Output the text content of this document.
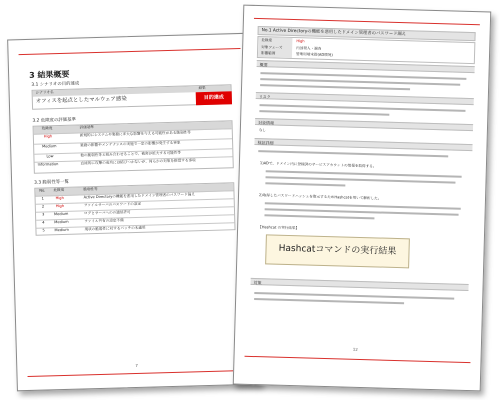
3 結果概要
3.1 シナリオの目的達成
シナリオ名
結果
オフィスを起点としたマルウェア感染	目的達成
3.2 危険度の評価基準
危険度	評価基準
High	新規的にシステムや業務に多大な影響を与える可能性がある脆弱性等
Medium	業務の影響やメンテナンスの実施で一定の影響が発生する事象
Low	他の脆弱性等と組み合わせることで、被害が拡大する可能性等
Information	直接的に攻撃の成功には結びつかないが、何らかの対策を推奨する事項
3.3 脆弱性等一覧
No. 危険度	脆弱性等
1	High	Active Directoryの機能を悪用したドメイン管理者のパスワード漏え
2	High	ファイルサーバのパスワードの設定
3	Medium	ログとサーバへのの通信許可
4	Medium	ファイル共有の設定不備
5	Medium	現状の脆弱性に対するパッチの未適用
7
No.1 Active Directoryの機能を悪用したドメイン管理者のパスワード漏え
危険度	High
対象フェーズ	内部侵入・調査
影響範囲	管理用端末群(AD環境)
概要
リスク
対象情報
なし
検証詳細
1)ADで、ドメイン内に登録済のサービスアカウントの情報を取得する。
2)取得したパスワードハッシュを復元するためHashcatを用いて解析した。
【Hashcat の実行結果】
Hashcatコマンドの実行結果
対策
12
